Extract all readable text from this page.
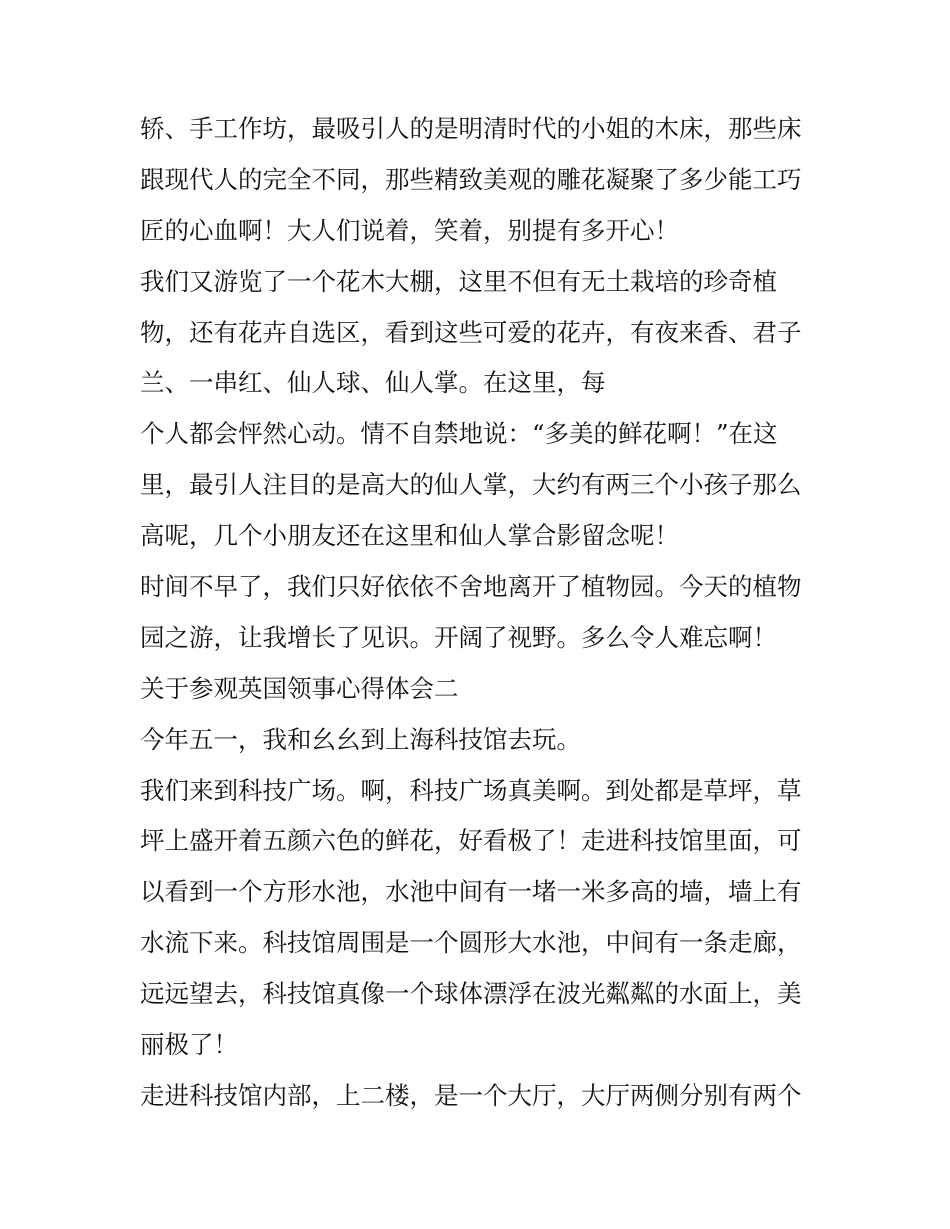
轿、手工作坊，最吸引人的是明清时代的小姐的木床，那些床
跟现代人的完全不同，那些精致美观的雕花凝聚了多少能工巧
匠的心血啊！大人们说着，笑着，别提有多开心！
我们又游览了一个花木大棚，这里不但有无土栽培的珍奇植
物，还有花卉自选区，看到这些可爱的花卉，有夜来香、君子
兰、一串红、仙人球、仙人掌。在这里，每
个人都会怦然心动。情不自禁地说：“多美的鲜花啊！”在这
里，最引人注目的是高大的仙人掌，大约有两三个小孩子那么
高呢，几个小朋友还在这里和仙人掌合影留念呢！
时间不早了，我们只好依依不舍地离开了植物园。今天的植物
园之游，让我增长了见识。开阔了视野。多么令人难忘啊！
关于参观英国领事心得体会二
今年五一，我和幺幺到上海科技馆去玩。
我们来到科技广场。啊，科技广场真美啊。到处都是草坪，草
坪上盛开着五颜六色的鲜花，好看极了！走进科技馆里面，可
以看到一个方形水池，水池中间有一堵一米多高的墙，墙上有
水流下来。科技馆周围是一个圆形大水池，中间有一条走廊，
远远望去，科技馆真像一个球体漂浮在波光粼粼的水面上，美
丽极了！
走进科技馆内部，上二楼，是一个大厅，大厅两侧分别有两个
